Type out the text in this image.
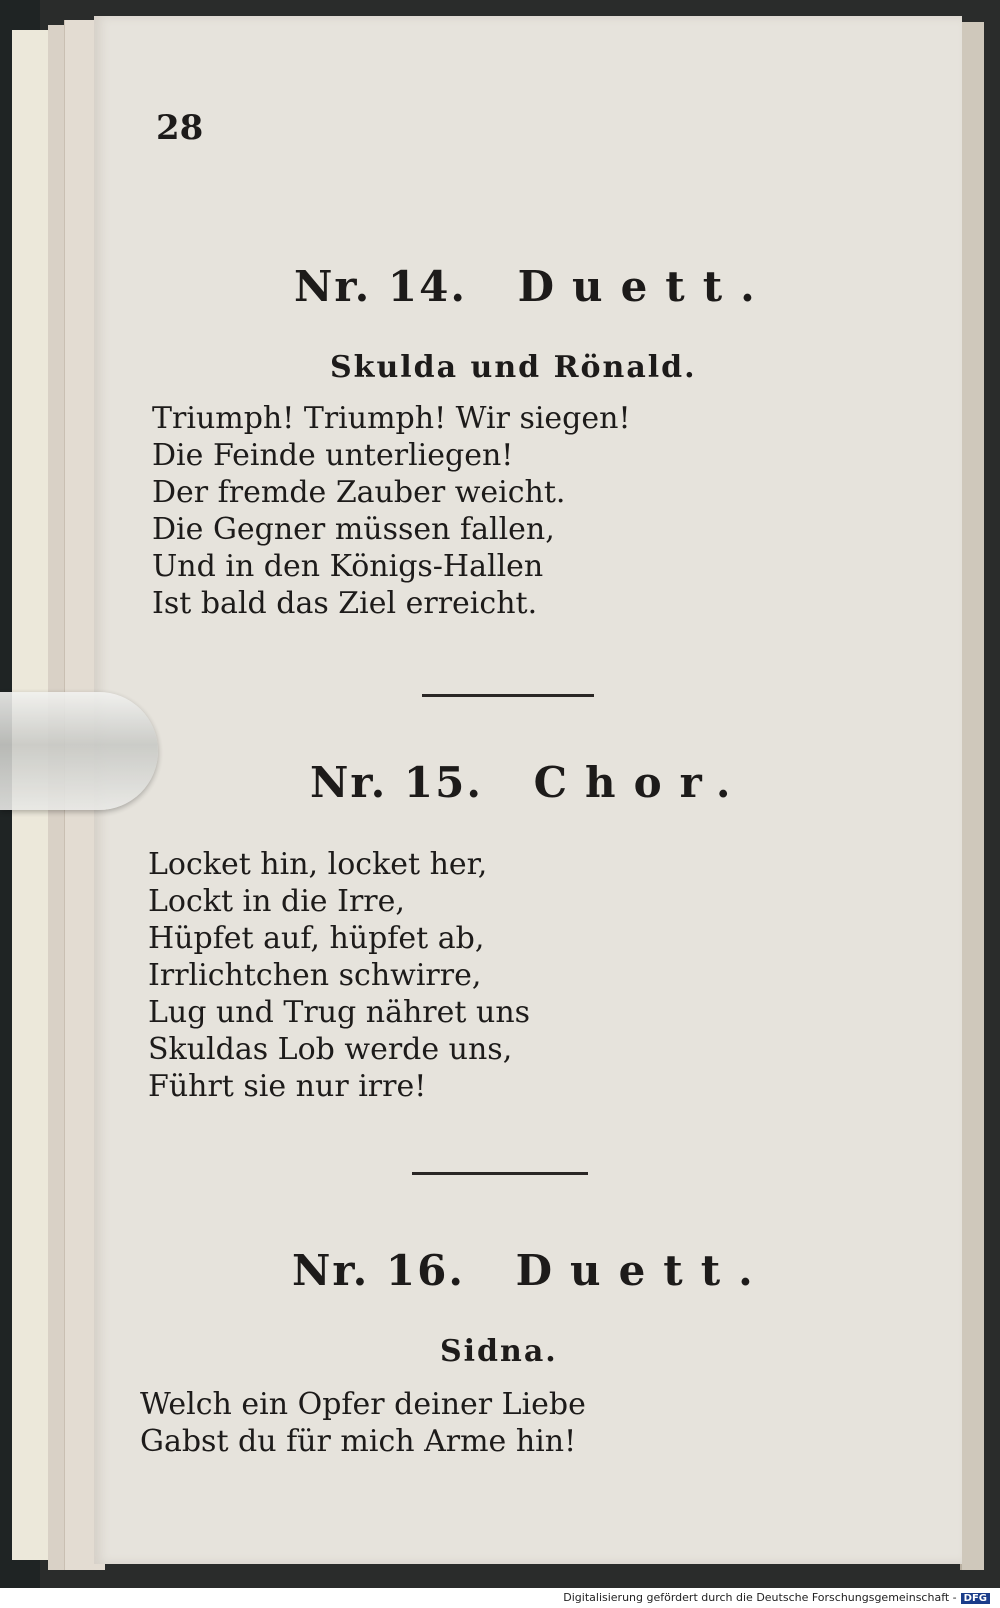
28
Nr. 14. Duett.
Skulda und Rönald.
Triumph! Triumph! Wir siegen!
Die Feinde unterliegen!
Der fremde Zauber weicht.
Die Gegner müssen fallen,
Und in den Königs-Hallen
Ist bald das Ziel erreicht.
Nr. 15. Chor.
Locket hin, locket her,
Lockt in die Irre,
Hüpfet auf, hüpfet ab,
Irrlichtchen schwirre,
Lug und Trug nähret uns
Skuldas Lob werde uns,
Führt sie nur irre!
Nr. 16. Duett.
Sidna.
Welch ein Opfer deiner Liebe
Gabst du für mich Arme hin!
Digitalisierung gefördert durch die Deutsche Forschungsgemeinschaft - DFG
